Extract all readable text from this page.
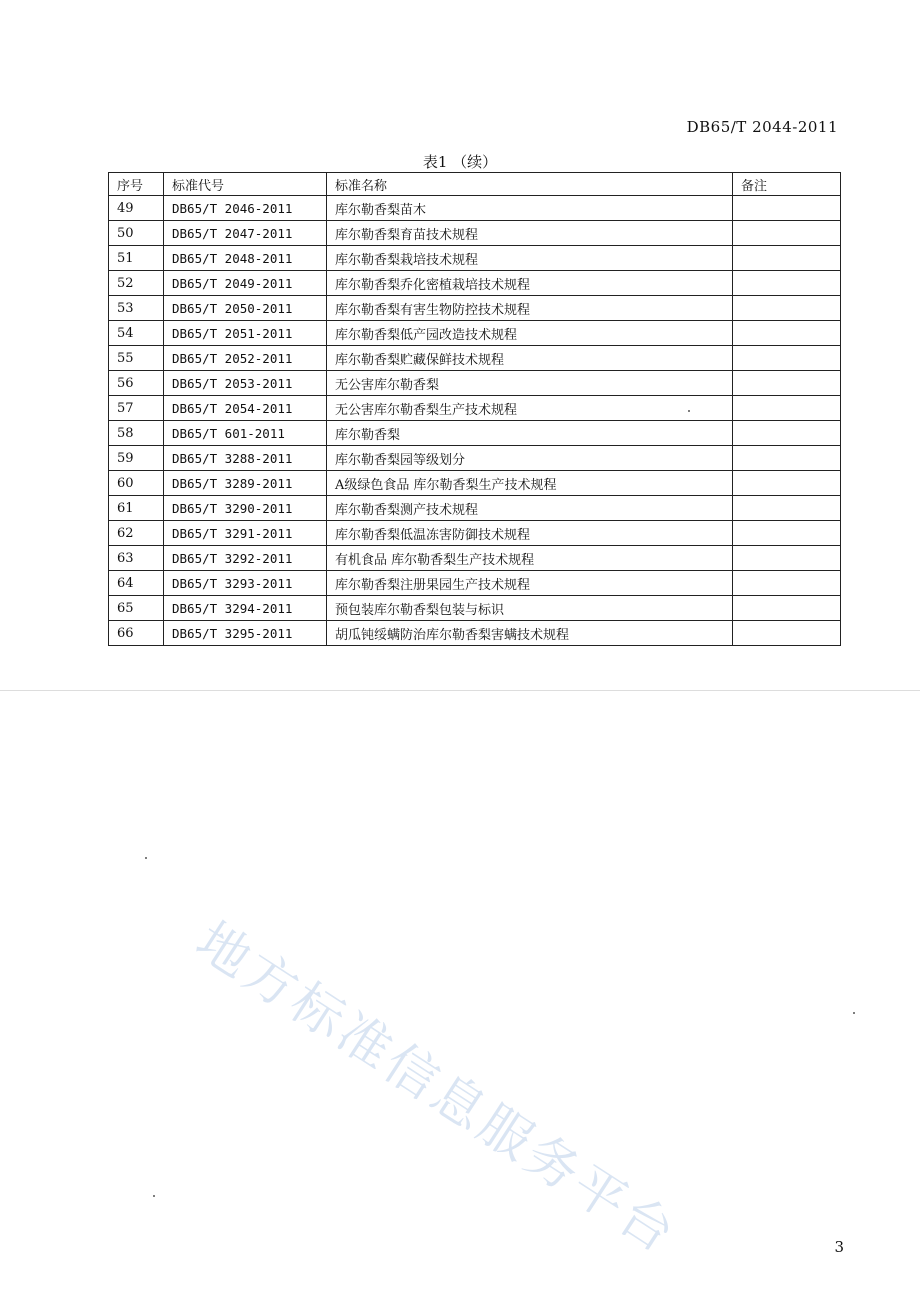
DB65/T 2044-2011
表1 （续）
序号	标准代号	标准名称	备注
49	DB65/T 2046-2011	库尔勒香梨苗木	
50	DB65/T 2047-2011	库尔勒香梨育苗技术规程	
51	DB65/T 2048-2011	库尔勒香梨栽培技术规程	
52	DB65/T 2049-2011	库尔勒香梨乔化密植栽培技术规程	
53	DB65/T 2050-2011	库尔勒香梨有害生物防控技术规程	
54	DB65/T 2051-2011	库尔勒香梨低产园改造技术规程	
55	DB65/T 2052-2011	库尔勒香梨贮藏保鲜技术规程	
56	DB65/T 2053-2011	无公害库尔勒香梨	
57	DB65/T 2054-2011	无公害库尔勒香梨生产技术规程	
58	DB65/T 601-2011	库尔勒香梨	
59	DB65/T 3288-2011	库尔勒香梨园等级划分	
60	DB65/T 3289-2011	A级绿色食品 库尔勒香梨生产技术规程	
61	DB65/T 3290-2011	库尔勒香梨测产技术规程	
62	DB65/T 3291-2011	库尔勒香梨低温冻害防御技术规程	
63	DB65/T 3292-2011	有机食品 库尔勒香梨生产技术规程	
64	DB65/T 3293-2011	库尔勒香梨注册果园生产技术规程	
65	DB65/T 3294-2011	预包装库尔勒香梨包装与标识	
66	DB65/T 3295-2011	胡瓜钝绥螨防治库尔勒香梨害螨技术规程	
地方标准信息服务平台	3
